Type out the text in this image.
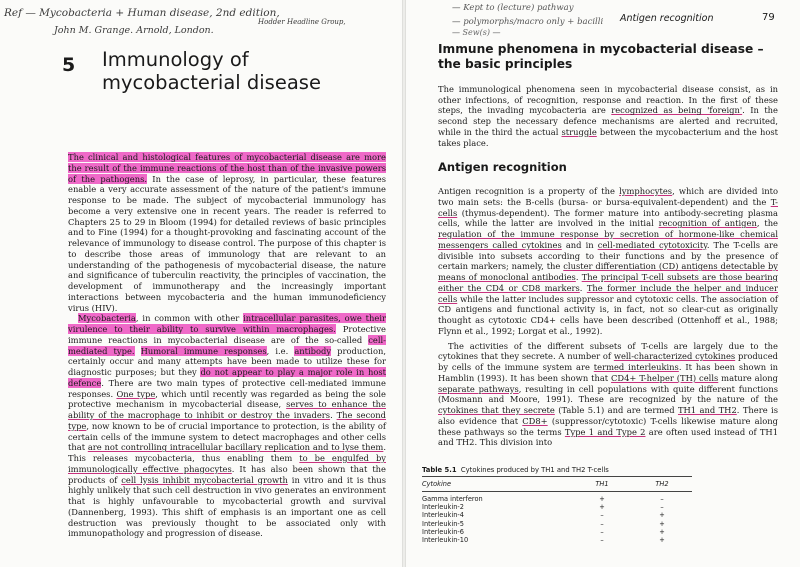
Ref — Mycobacteria + Human disease, 2nd edition,
John M. Grange. Arnold, London.
Hodder Headline Group,
— Kept to (lecture) pathway
— polymorphs/macro only + bacilli
— Sew(s) —
5 Immunology of mycobacterial disease

The clinical and histological features of mycobacterial disease are more the result of the immune reactions of the host than of the invasive powers of the pathogens. In the case of leprosy, in particular, these features enable a very accurate assessment of the nature of the patient's immune response to be made. The subject of mycobacterial immunology has become a very extensive one in recent years. The reader is referred to Chapters 25 to 29 in Bloom (1994) for detailed reviews of basic principles and to Fine (1994) for a thought-provoking and fascinating account of the relevance of immunology to disease control. The purpose of this chapter is to describe those areas of immunology that are relevant to an understanding of the pathogenesis of mycobacterial disease, the nature and significance of tuberculin reactivity, the principles of vaccination, the development of immunotherapy and the increasingly important interactions between mycobacteria and the human immunodeficiency virus (HIV).

Mycobacteria, in common with other intracellular parasites, owe their virulence to their ability to survive within macrophages. Protective immune reactions in mycobacterial disease are of the so-called cell-mediated type. Humoral immune responses, i.e. antibody production, certainly occur and many attempts have been made to utilize these for diagnostic purposes; but they do not appear to play a major role in host defence. There are two main types of protective cell-mediated immune responses. One type, which until recently was regarded as being the sole protective mechanism in mycobacterial disease, serves to enhance the ability of the macrophage to inhibit or destroy the invaders. The second type, now known to be of crucial importance to protection, is the ability of certain cells of the immune system to detect macrophages and other cells that are not controlling intracellular bacillary replication and to lyse them. This releases mycobacteria, thus enabling them to be engulfed by immunologically effective phagocytes. It has also been shown that the products of cell lysis inhibit mycobacterial growth in vitro and it is thus highly unlikely that such cell destruction in vivo generates an environment that is highly unfavourable to mycobacterial growth and survival (Dannenberg, 1993). This shift of emphasis is an important one as cell destruction was previously thought to be associated only with immunopathology and progression of disease.

Antigen recognition	79
Immune phenomena in mycobacterial disease – the basic principles

The immunological phenomena seen in mycobacterial disease consist, as in other infections, of recognition, response and reaction. In the first of these steps, the invading mycobacteria are recognized as being 'foreign'. In the second step the necessary defence mechanisms are alerted and recruited, while in the third the actual struggle between the mycobacterium and the host takes place.

Antigen recognition

Antigen recognition is a property of the lymphocytes, which are divided into two main sets: the B-cells (bursa- or bursa-equivalent-dependent) and the T-cells (thymus-dependent). The former mature into antibody-secreting plasma cells, while the latter are involved in the initial recognition of antigen, the regulation of the immune response by secretion of hormone-like chemical messengers called cytokines and in cell-mediated cytotoxicity. The T-cells are divisible into subsets according to their functions and by the presence of certain markers; namely, the cluster differentiation (CD) antigens detectable by means of monoclonal antibodies. The principal T-cell subsets are those bearing either the CD4 or CD8 markers. The former include the helper and inducer cells while the latter includes suppressor and cytotoxic cells. The association of CD antigens and functional activity is, in fact, not so clear-cut as originally thought as cytotoxic CD4+ cells have been described (Ottenhoff et al., 1988; Flynn et al., 1992; Lorgat et al., 1992).

The activities of the different subsets of T-cells are largely due to the cytokines that they secrete. A number of well-characterized cytokines produced by cells of the immune system are termed interleukins. It has been shown in Hamblin (1993). It has been shown that CD4+ T-helper (TH) cells mature along separate pathways, resulting in cell populations with quite different functions (Mosmann and Moore, 1991). These are recognized by the nature of the cytokines that they secrete (Table 5.1) and are termed TH1 and TH2. There is also evidence that CD8+ (suppressor/cytotoxic) T-cells likewise mature along these pathways so the terms Type 1 and Type 2 are often used instead of TH1 and TH2. This division into

Table 5.1 Cytokines produced by TH1 and TH2 T-cells

Cytokine	TH1	TH2
Gamma interferon	+	–
Interleukin-2	+	–
Interleukin-4	–	+
Interleukin-5	–	+
Interleukin-6	–	+
Interleukin-10	–	+
